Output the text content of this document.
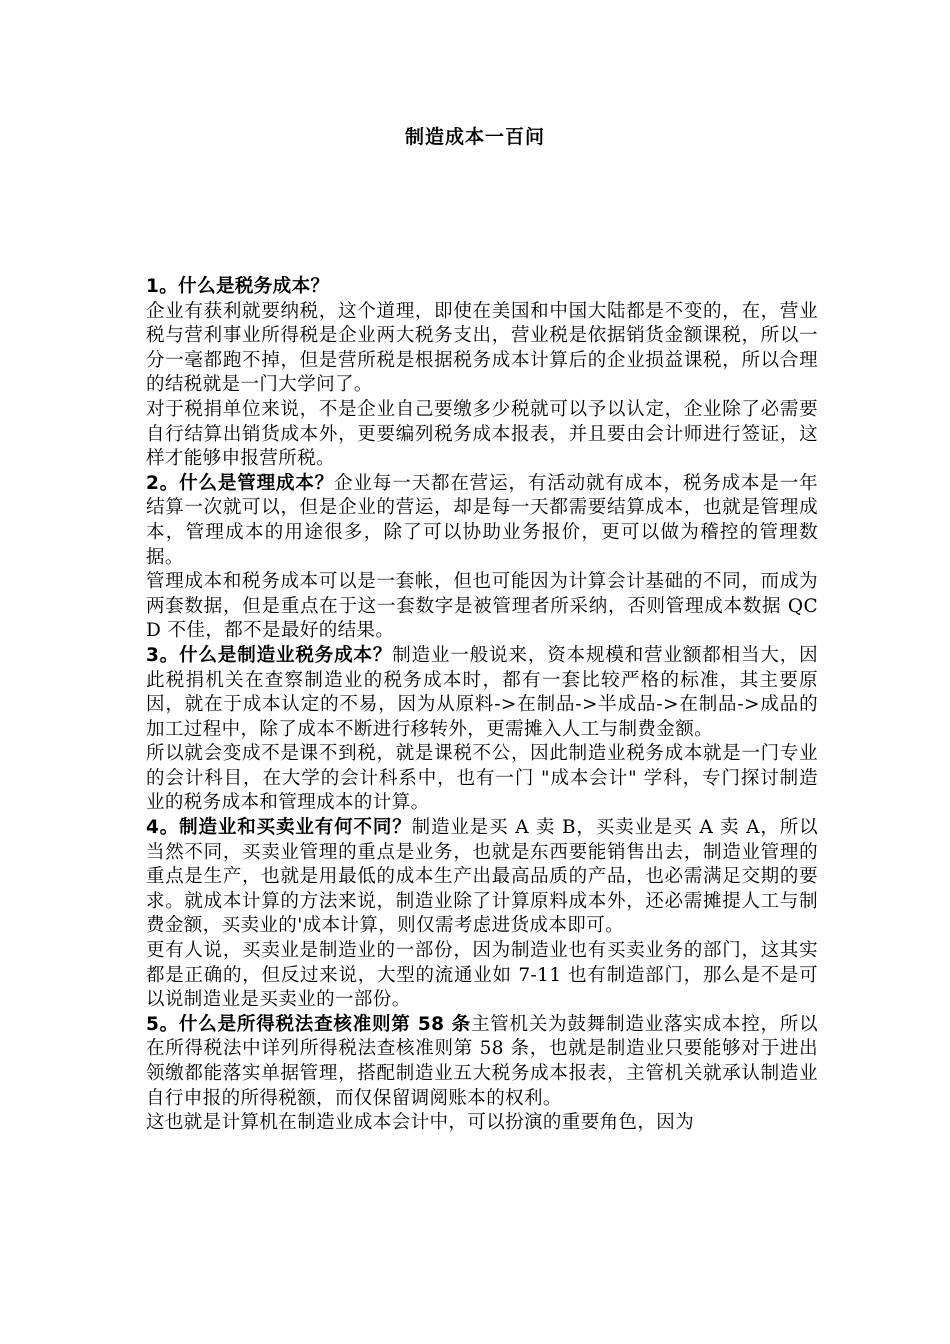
制造成本一百问

1。什么是税务成本？

企业有获利就要纳税，这个道理，即使在美国和中国大陆都是不变的，在，营业税与营利事业所得税是企业两大税务支出，营业税是依据销货金额课税，所以一分一毫都跑不掉，但是营所税是根据税务成本计算后的企业损益课税，所以合理的结税就是一门大学问了。

对于税捐单位来说，不是企业自己要缴多少税就可以予以认定，企业除了必需要自行结算出销货成本外，更要编列税务成本报表，并且要由会计师进行签证，这样才能够申报营所税。

2。什么是管理成本？企业每一天都在营运，有活动就有成本，税务成本是一年结算一次就可以，但是企业的营运，却是每一天都需要结算成本，也就是管理成本，管理成本的用途很多，除了可以协助业务报价，更可以做为稽控的管理数据。

管理成本和税务成本可以是一套帐，但也可能因为计算会计基础的不同，而成为两套数据，但是重点在于这一套数字是被管理者所采纳，否则管理成本数据 QCD 不佳，都不是最好的结果。

3。什么是制造业税务成本？制造业一般说来，资本规模和营业额都相当大，因此税捐机关在查察制造业的税务成本时，都有一套比较严格的标准，其主要原因，就在于成本认定的不易，因为从原料->在制品->半成品->在制品->成品的加工过程中，除了成本不断进行移转外，更需摊入人工与制费金额。

所以就会变成不是课不到税，就是课税不公，因此制造业税务成本就是一门专业的会计科目，在大学的会计科系中，也有一门 "成本会计" 学科，专门探讨制造业的税务成本和管理成本的计算。

4。制造业和买卖业有何不同？制造业是买 A 卖 B，买卖业是买 A 卖 A，所以当然不同，买卖业管理的重点是业务，也就是东西要能销售出去，制造业管理的重点是生产，也就是用最低的成本生产出最高品质的产品，也必需满足交期的要求。就成本计算的方法来说，制造业除了计算原料成本外，还必需摊提人工与制费金额，买卖业的'成本计算，则仅需考虑进货成本即可。

更有人说，买卖业是制造业的一部份，因为制造业也有买卖业务的部门，这其实都是正确的，但反过来说，大型的流通业如 7-11 也有制造部门，那么是不是可以说制造业是买卖业的一部份。

5。什么是所得税法查核准则第 58 条主管机关为鼓舞制造业落实成本控，所以在所得税法中详列所得税法查核准则第 58 条，也就是制造业只要能够对于进出领缴都能落实单据管理，搭配制造业五大税务成本报表，主管机关就承认制造业自行申报的所得税额，而仅保留调阅账本的权利。

这也就是计算机在制造业成本会计中，可以扮演的重要角色，因为
